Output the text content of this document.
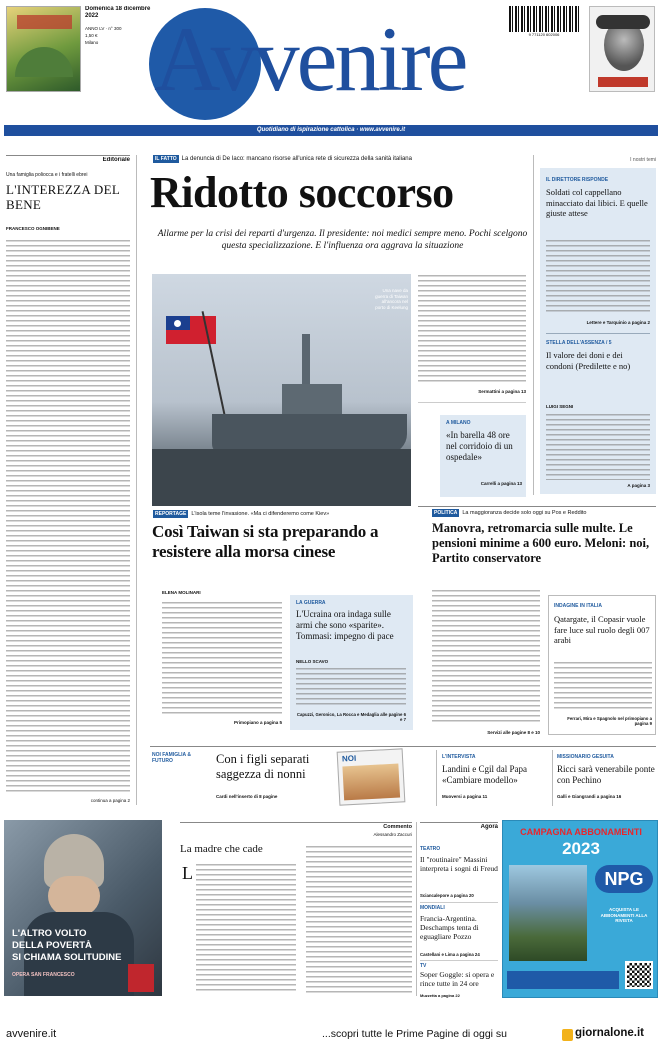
Domenica 18 dicembre 2022
ANNO LV · n° 300
1,50 €
Milano Avvenire	9 771120 602006
Quotidiano di ispirazione cattolica · www.avvenire.it
Editoriale
Una famiglia poliocca e i fratelli ebrei
L'INTEREZZA DEL BENE
FRANCESCO OGNIBENE
continua a pagina 2
IL FATTO La denuncia di De Iaco: mancano risorse all'unica rete di sicurezza della sanità italiana
Ridotto soccorso
Allarme per la crisi dei reparti d'urgenza. Il presidente: noi medici sempre meno. Pochi scelgono questa specializzazione. E l'influenza ora aggrava la situazione
Una nave da guerra di Taiwan all'ancora nel porto di Keelung
REPORTAGE L'isola teme l'invasione. «Ma ci difenderemo come Kiev»
Così Taiwan si sta preparando a resistere alla morsa cinese
ELENA MOLINARI
Primopiano a pagina 5
LA GUERRA
L'Ucraina ora indaga sulle armi che sono «sparite». Tommasi: impegno di pace
NELLO SCAVO
Capuzzi, Geronico, La Rocca e Medaglia alle pagine 6 e 7
Sermattini a pagina 13
A MILANO
«In barella 48 ore nel corridoio di un ospedale»
Carrelli a pagina 13
I nostri temi
IL DIRETTORE RISPONDE
Soldati col cappellano minacciato dai libici. E quelle giuste attese
Lettere e Tarquinio a pagina 2
STELLA DELL'ASSENZA / 5
Il valore dei doni e dei condoni (Predilette e no)
LUIGI SEGNI
A pagina 3
POLITICA La maggioranza decide solo oggi su Pos e Reddito
Manovra, retromarcia sulle multe. Le pensioni minime a 600 euro. Meloni: noi, Partito conservatore
Servizi alle pagine 8 e 10
INDAGINE IN ITALIA
Qatargate, il Copasir vuole fare luce sul ruolo degli 007 arabi
Ferrari, Mira e Spagnolo nel primopiano a pagina 9
NOI FAMIGLIA & FUTURO	Con i figli separati saggezza di nonni
Cardi nell'inserto di 8 pagine
NOI	L'INTERVISTA
Landini e Cgil dal Papa «Cambiare modello»
Muoversi a pagina 11
MISSIONARIO GESUITA
Ricci sarà venerabile ponte con Pechino
Galli e Giangrandi a pagina 16
L'ALTRO VOLTO
DELLA POVERTÀ
SI CHIAMA SOLITUDINE
OPERA SAN FRANCESCO
Commento
Alessandro Zaccuri
La madre che cade
L
Agorà
TEATRO
Il "routinaire" Massini interpreta i sogni di Freud
Sciancalepore a pagina 20
MONDIALI
Francia-Argentina. Deschamps tenta di eguagliare Pozzo
Castellani e Lima a pagina 24
TV
Soper Goggle: si opera e rince tutte in 24 ore
Muzzetta a pagina 22
CAMPAGNA ABBONAMENTI
2023
NPG
ACQUISTA LE ABBONAMENTI ALLA RIVISTA
avvenire.it	...scopri tutte le Prime Pagine di oggi su	giornalone.it
